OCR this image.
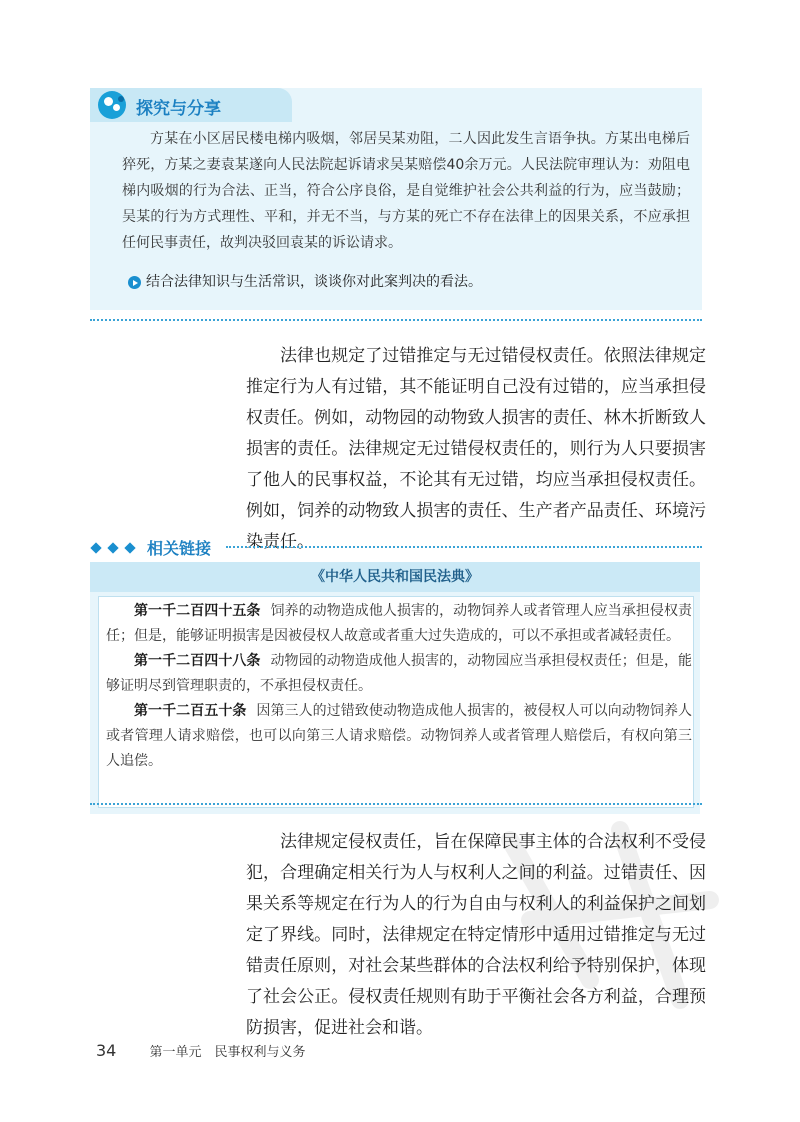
探究与分享
方某在小区居民楼电梯内吸烟，邻居吴某劝阻，二人因此发生言语争执。方某出电梯后猝死，方某之妻袁某遂向人民法院起诉请求吴某赔偿40余万元。人民法院审理认为：劝阻电梯内吸烟的行为合法、正当，符合公序良俗，是自觉维护社会公共利益的行为，应当鼓励；吴某的行为方式理性、平和，并无不当，与方某的死亡不存在法律上的因果关系，不应承担任何民事责任，故判决驳回袁某的诉讼请求。
结合法律知识与生活常识，谈谈你对此案判决的看法。

法律也规定了过错推定与无过错侵权责任。依照法律规定推定行为人有过错，其不能证明自己没有过错的，应当承担侵权责任。例如，动物园的动物致人损害的责任、林木折断致人损害的责任。法律规定无过错侵权责任的，则行为人只要损害了他人的民事权益，不论其有无过错，均应当承担侵权责任。例如，饲养的动物致人损害的责任、生产者产品责任、环境污染责任。

相关链接
《中华人民共和国民法典》

第一千二百四十五条 饲养的动物造成他人损害的，动物饲养人或者管理人应当承担侵权责任；但是，能够证明损害是因被侵权人故意或者重大过失造成的，可以不承担或者减轻责任。

第一千二百四十八条 动物园的动物造成他人损害的，动物园应当承担侵权责任；但是，能够证明尽到管理职责的，不承担侵权责任。

第一千二百五十条 因第三人的过错致使动物造成他人损害的，被侵权人可以向动物饲养人或者管理人请求赔偿，也可以向第三人请求赔偿。动物饲养人或者管理人赔偿后，有权向第三人追偿。

法律规定侵权责任，旨在保障民事主体的合法权利不受侵犯，合理确定相关行为人与权利人之间的利益。过错责任、因果关系等规定在行为人的行为自由与权利人的利益保护之间划定了界线。同时，法律规定在特定情形中适用过错推定与无过错责任原则，对社会某些群体的合法权利给予特别保护，体现了社会公正。侵权责任规则有助于平衡社会各方利益，合理预防损害，促进社会和谐。

34	第一单元　民事权利与义务
